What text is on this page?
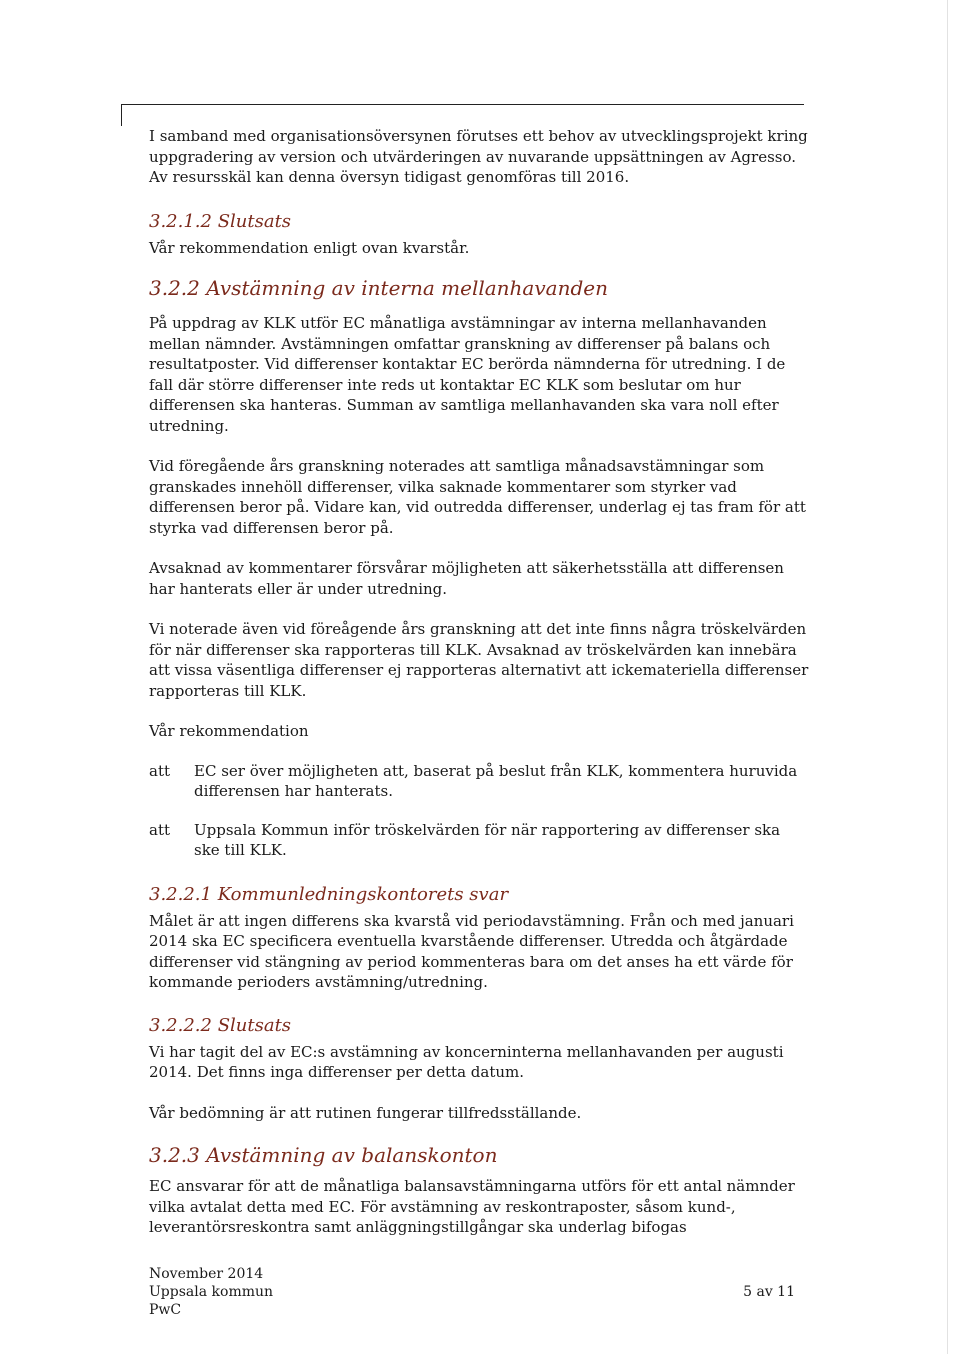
I samband med organisationsöversynen förutses ett behov av utvecklingsprojekt kring uppgradering av version och utvärderingen av nuvarande uppsättningen av Agresso. Av resursskäl kan denna översyn tidigast genomföras till 2016.

3.2.1.2 Slutsats

Vår rekommendation enligt ovan kvarstår.

3.2.2 Avstämning av interna mellanhavanden

På uppdrag av KLK utför EC månatliga avstämningar av interna mellanhavanden mellan nämnder. Avstämningen omfattar granskning av differenser på balans och resultatposter. Vid differenser kontaktar EC berörda nämnderna för utredning. I de fall där större differenser inte reds ut kontaktar EC KLK som beslutar om hur differensen ska hanteras. Summan av samtliga mellanhavanden ska vara noll efter utredning.

Vid föregående års granskning noterades att samtliga månadsavstämningar som granskades innehöll differenser, vilka saknade kommentarer som styrker vad differensen beror på. Vidare kan, vid outredda differenser, underlag ej tas fram för att styrka vad differensen beror på.

Avsaknad av kommentarer försvårar möjligheten att säkerhetsställa att differensen har hanterats eller är under utredning.

Vi noterade även vid föreågende års granskning att det inte finns några tröskelvärden för när differenser ska rapporteras till KLK. Avsaknad av tröskelvärden kan innebära att vissa väsentliga differenser ej rapporteras alternativt att ickemateriella differenser rapporteras till KLK.

Vår rekommendation

att	EC ser över möjligheten att, baserat på beslut från KLK, kommentera huruvida differensen har hanterats.
att	Uppsala Kommun inför tröskelvärden för när rapportering av differenser ska ske till KLK.
3.2.2.1 Kommunledningskontorets svar

Målet är att ingen differens ska kvarstå vid periodavstämning. Från och med januari 2014 ska EC specificera eventuella kvarstående differenser. Utredda och åtgärdade differenser vid stängning av period kommenteras bara om det anses ha ett värde för kommande perioders avstämning/utredning.

3.2.2.2 Slutsats

Vi har tagit del av EC:s avstämning av koncerninterna mellanhavanden per augusti 2014. Det finns inga differenser per detta datum.

Vår bedömning är att rutinen fungerar tillfredsställande.

3.2.3 Avstämning av balanskonton

EC ansvarar för att de månatliga balansavstämningarna utförs för ett antal nämnder vilka avtalat detta med EC. För avstämning av reskontraposter, såsom kund-, leverantörsreskontra samt anläggningstillgångar ska underlag bifogas

November 2014
Uppsala kommun
PwC
5 av 11
